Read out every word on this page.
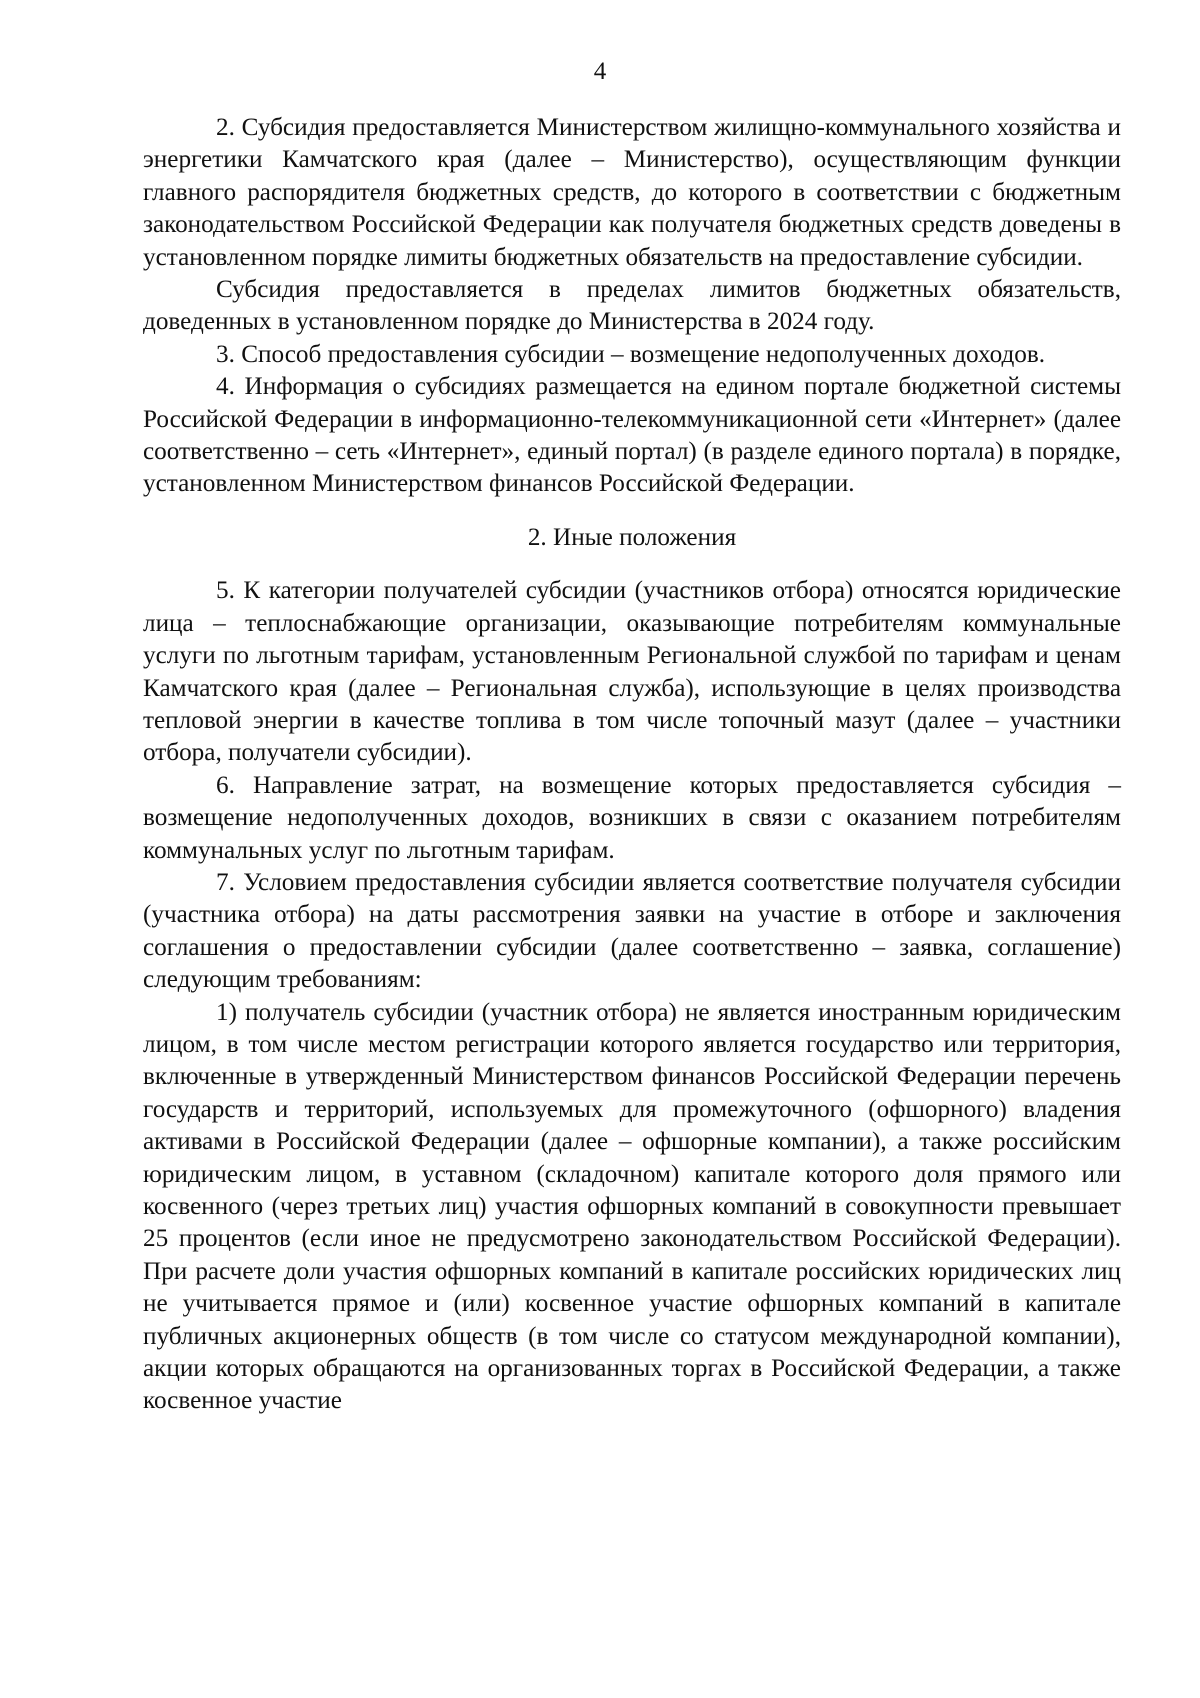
4

2. Субсидия предоставляется Министерством жилищно-коммунального хозяйства и энергетики Камчатского края (далее – Министерство), осуществляющим функции главного распорядителя бюджетных средств, до которого в соответствии с бюджетным законодательством Российской Федерации как получателя бюджетных средств доведены в установленном порядке лимиты бюджетных обязательств на предоставление субсидии.

Субсидия предоставляется в пределах лимитов бюджетных обязательств, доведенных в установленном порядке до Министерства в 2024 году.

3. Способ предоставления субсидии – возмещение недополученных доходов.

4. Информация о субсидиях размещается на едином портале бюджетной системы Российской Федерации в информационно-телекоммуникационной сети «Интернет» (далее соответственно – сеть «Интернет», единый портал) (в разделе единого портала) в порядке, установленном Министерством финансов Российской Федерации.

2. Иные положения

5. К категории получателей субсидии (участников отбора) относятся юридические лица – теплоснабжающие организации, оказывающие потребителям коммунальные услуги по льготным тарифам, установленным Региональной службой по тарифам и ценам Камчатского края (далее – Региональная служба), использующие в целях производства тепловой энергии в качестве топлива в том числе топочный мазут (далее – участники отбора, получатели субсидии).

6. Направление затрат, на возмещение которых предоставляется субсидия – возмещение недополученных доходов, возникших в связи с оказанием потребителям коммунальных услуг по льготным тарифам.

7. Условием предоставления субсидии является соответствие получателя субсидии (участника отбора) на даты рассмотрения заявки на участие в отборе и заключения соглашения о предоставлении субсидии (далее соответственно – заявка, соглашение) следующим требованиям:

1) получатель субсидии (участник отбора) не является иностранным юридическим лицом, в том числе местом регистрации которого является государство или территория, включенные в утвержденный Министерством финансов Российской Федерации перечень государств и территорий, используемых для промежуточного (офшорного) владения активами в Российской Федерации (далее – офшорные компании), а также российским юридическим лицом, в уставном (складочном) капитале которого доля прямого или косвенного (через третьих лиц) участия офшорных компаний в совокупности превышает 25 процентов (если иное не предусмотрено законодательством Российской Федерации). При расчете доли участия офшорных компаний в капитале российских юридических лиц не учитывается прямое и (или) косвенное участие офшорных компаний в капитале публичных акционерных обществ (в том числе со статусом международной компании), акции которых обращаются на организованных торгах в Российской Федерации, а также косвенное участие
